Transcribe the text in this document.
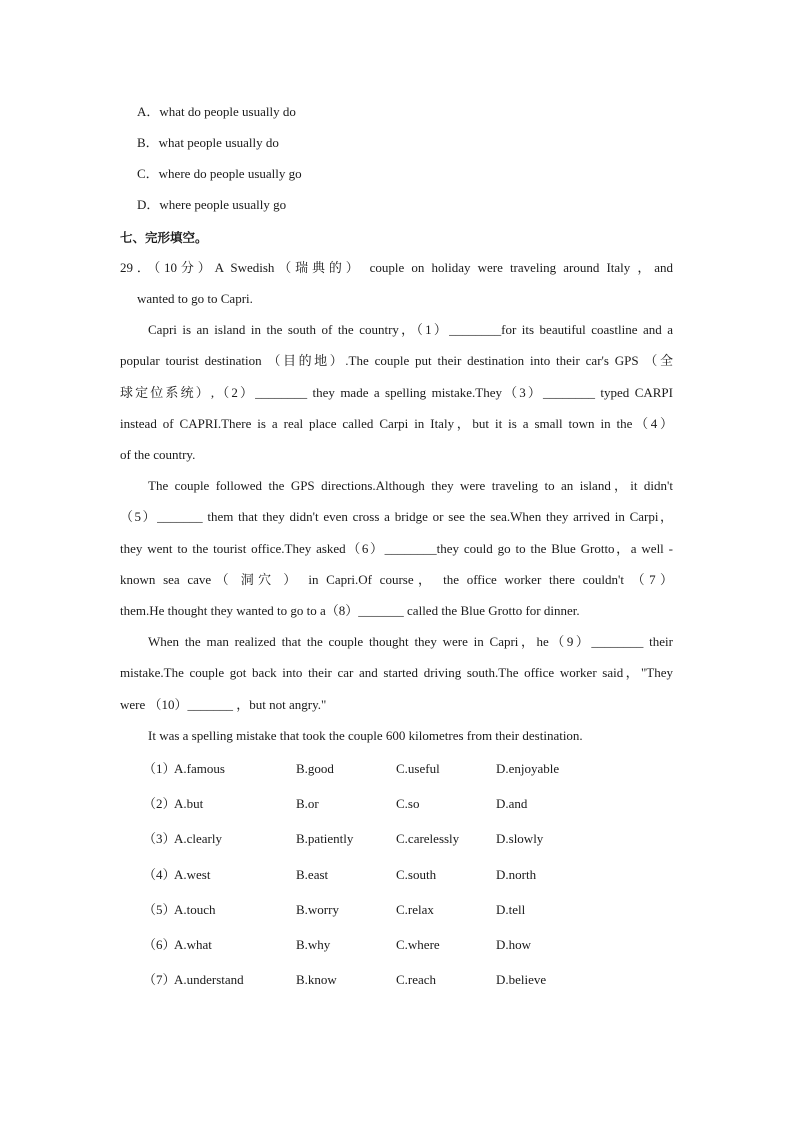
A．what do people usually do
B．what people usually do
C．where do people usually go
D．where people usually go
七、完形填空。
29．（10分）A Swedish（瑞典的） couple on holiday were traveling around Italy ，and
wanted to go to Capri.
Capri is an island in the south of the country，（1）________for its beautiful coastline and a
popular tourist destination （目的地）.The couple put their destination into their car's GPS （全
球定位系统）,（2）________ they made a spelling mistake.They（3）________ typed CARPI
instead of CAPRI.There is a real place called Carpi in Italy，but it is a small town in the（4）
of the country.
The couple followed the GPS directions.Although they were traveling to an island，it didn't
（5）_______ them that they didn't even cross a bridge or see the sea.When they arrived in Carpi，
they went to the tourist office.They asked（6）________they could go to the Blue Grotto，a well -
known sea cave（ 洞穴 ） in Capri.Of course， the office worker there couldn't （7）
them.He thought they wanted to go to a（8）_______ called the Blue Grotto for dinner.
When the man realized that the couple thought they were in Capri，he（9）________ their
mistake.The couple got back into their car and started driving south.The office worker said，"They
were （10）_______ ，but not angry."
It was a spelling mistake that took the couple 600 kilometres from their destination.
（1）
A.famous	B.good	C.useful	D.enjoyable
（2）
A.but	B.or	C.so	D.and
（3）
A.clearly	B.patiently	C.carelessly	D.slowly
（4）
A.west	B.east	C.south	D.north
（5）
A.touch	B.worry	C.relax	D.tell
（6）
A.what	B.why	C.where	D.how
（7）
A.understand	B.know	C.reach	D.believe
